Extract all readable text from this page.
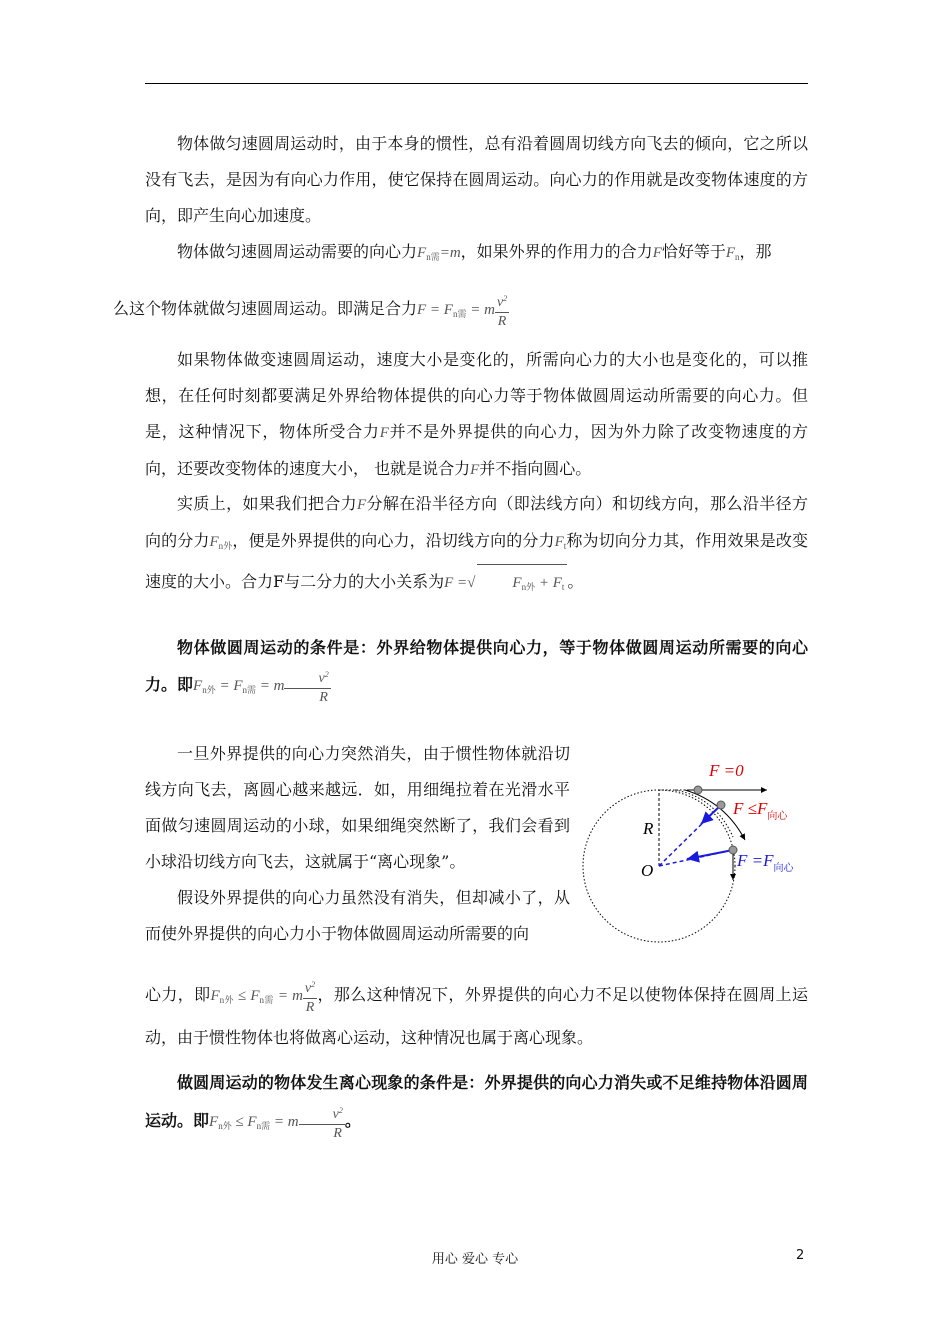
物体做匀速圆周运动时，由于本身的惯性，总有沿着圆周切线方向飞去的倾向，它之所以没有飞去，是因为有向心力作用，使它保持在圆周运动。向心力的作用就是改变物体速度的方向，即产生向心加速度。

物体做匀速圆周运动需要的向心力$F_{n需}=m$，如果外界的作用力的合力F恰好等于$F_n$，那
么这个物体就做匀速圆周运动。即满足合力$F = F_{n需} = m \frac{v^2}{R}$

如果物体做变速圆周运动，速度大小是变化的，所需向心力的大小也是变化的，可以推想，在任何时刻都要满足外界给物体提供的向心力等于物体做圆周运动所需要的向心力。但是，这种情况下，物体所受合力F并不是外界提供的向心力，因为外力除了改变物速度的方向，还要改变物体的速度大小， 也就是说合力F并不指向圆心。

实质上，如果我们把合力F分解在沿半径方向（即法线方向）和切线方向，那么沿半径方向的分力$F_{n外}$，便是外界提供的向心力，沿切线方向的分力$F_t$称为切向分力其，作用效果是改变速度的大小。合力F与二分力的大小关系为F =√ $F_{n外} + F_t$ 。

物体做圆周运动的条件是：外界给物体提供向心力，等于物体做圆周运动所需要的向心力。即$F_{n外} = F_{n需} = m \frac{v^2}{R}$

一旦外界提供的向心力突然消失，由于惯性物体就沿切线方向飞去，离圆心越来越远．如，用细绳拉着在光滑水平面做匀速圆周运动的小球，如果细绳突然断了，我们会看到小球沿切线方向飞去，这就属于“离心现象”。

假设外界提供的向心力虽然没有消失，但却减小了，从而使外界提供的向心力小于物体做圆周运动所需要的向

心力，即$F_{n外} \le F_{n需} = m \frac{v^2}{R}$ ，那么这种情况下，外界提供的向心力不足以使物体保持在圆周上运动，由于惯性物体也将做离心运动，这种情况也属于离心现象。

做圆周运动的物体发生离心现象的条件是：外界提供的向心力消失或不足维持物体沿圆周运动。即$F_{n外} \le F_{n需} = m \frac{v^2}{R}$ 。

F =0
$F \le F_{向心}$
$F =F_{向心}$
R
O
用心 爱心 专心	2
